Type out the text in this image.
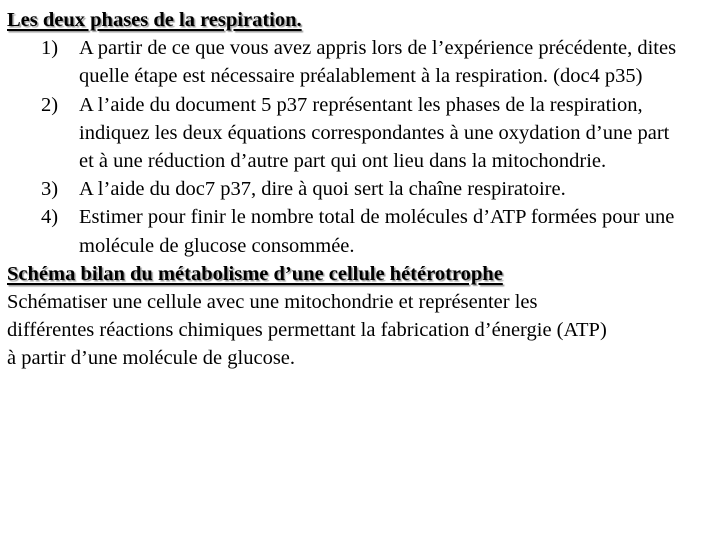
Les deux phases de la respiration.
1) A partir de ce que vous avez appris lors de l’expérience précédente, dites quelle étape est nécessaire préalablement à la respiration. (doc4 p35)
2) A l’aide du document 5 p37 représentant les phases de la respiration, indiquez les deux équations correspondantes à une oxydation d’une part et à une réduction d’autre part qui ont lieu dans la mitochondrie.
3) A l’aide du doc7 p37, dire à quoi sert la chaîne respiratoire.
4) Estimer pour finir le nombre total de molécules d’ATP formées pour une molécule de glucose consommée.
Schéma bilan du métabolisme d’une cellule hétérotrophe

Schématiser une cellule avec une mitochondrie et représenter les

différentes réactions chimiques permettant la fabrication d’énergie (ATP)

à partir d’une molécule de glucose.
